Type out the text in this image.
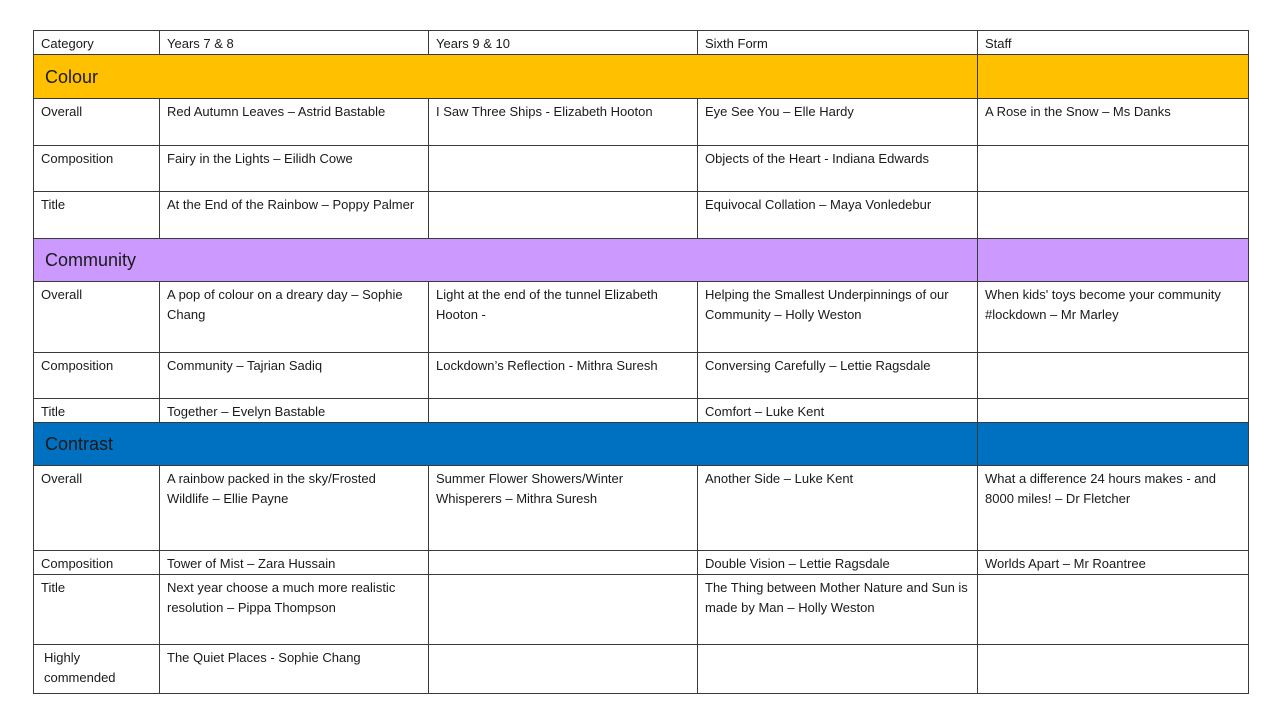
Category	Years 7 & 8	Years 9 & 10	Sixth Form	Staff
Colour				
Overall	Red Autumn Leaves – Astrid Bastable	I Saw Three Ships - Elizabeth Hooton	Eye See You – Elle Hardy	A Rose in the Snow – Ms Danks
Composition	Fairy in the Lights – Eilidh Cowe		Objects of the Heart - Indiana Edwards	
Title	At the End of the Rainbow – Poppy Palmer		Equivocal Collation – Maya Vonledebur	
Community				
Overall	A pop of colour on a dreary day – Sophie Chang	Light at the end of the tunnel Elizabeth Hooton -	Helping the Smallest Underpinnings of our Community – Holly Weston	When kids' toys become your community #lockdown – Mr Marley
Composition	Community – Tajrian Sadiq	Lockdown’s Reflection - Mithra Suresh	Conversing Carefully – Lettie Ragsdale	
Title	Together – Evelyn Bastable		Comfort – Luke Kent	
Contrast				
Overall	A rainbow packed in the sky/Frosted Wildlife – Ellie Payne	Summer Flower Showers/Winter Whisperers – Mithra Suresh	Another Side – Luke Kent	What a difference 24 hours makes - and 8000 miles! – Dr Fletcher
Composition	Tower of Mist – Zara Hussain		Double Vision – Lettie Ragsdale	Worlds Apart – Mr Roantree
Title	Next year choose a much more realistic resolution – Pippa Thompson		The Thing between Mother Nature and Sun is made by Man – Holly Weston	
Highly commended	The Quiet Places - Sophie Chang			
